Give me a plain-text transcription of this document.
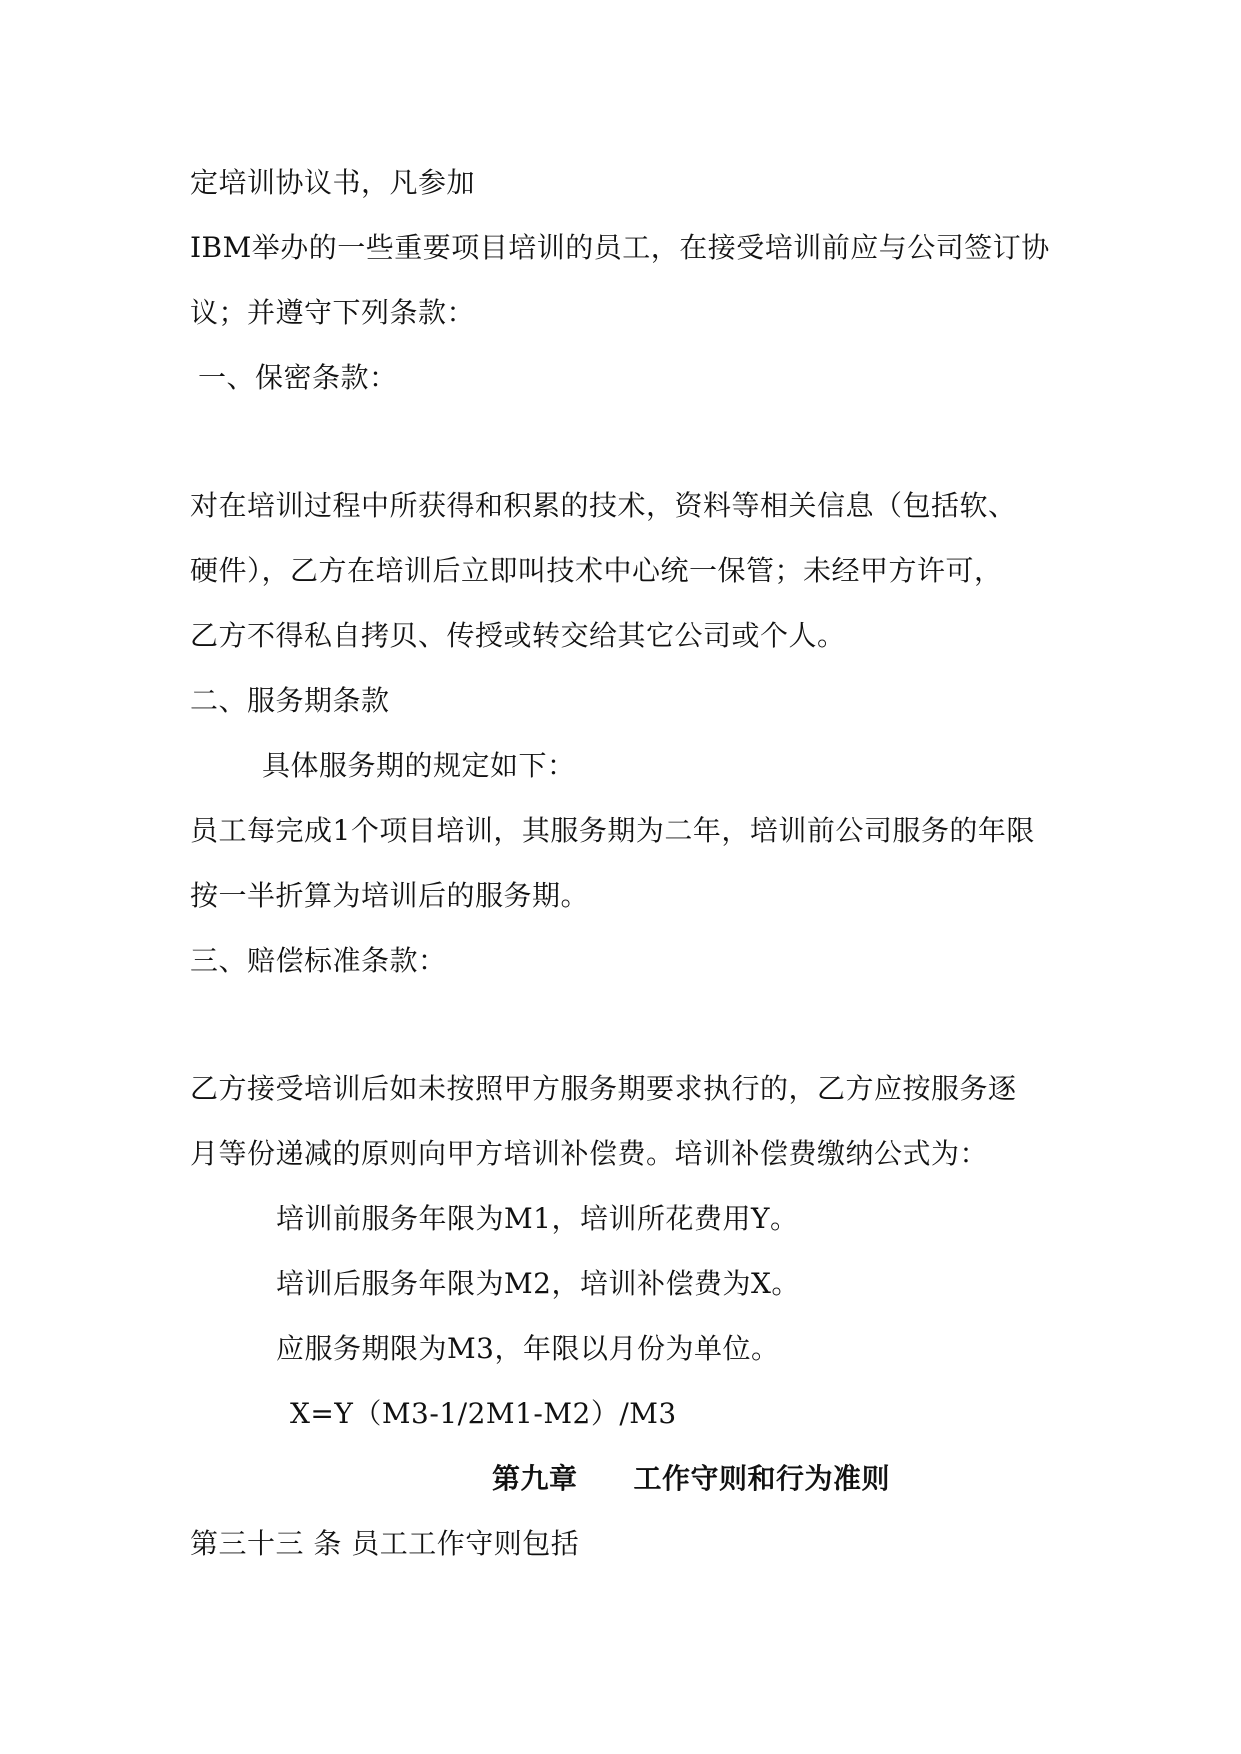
定培训协议书，凡参加
IBM举办的一些重要项目培训的员工，在接受培训前应与公司签订协
议；并遵守下列条款：
一、保密条款：
对在培训过程中所获得和积累的技术，资料等相关信息（包括软、
硬件），乙方在培训后立即叫技术中心统一保管；未经甲方许可，
乙方不得私自拷贝、传授或转交给其它公司或个人。
二、服务期条款
具体服务期的规定如下：
员工每完成1个项目培训，其服务期为二年，培训前公司服务的年限
按一半折算为培训后的服务期。
三、赔偿标准条款：
乙方接受培训后如未按照甲方服务期要求执行的，乙方应按服务逐
月等份递减的原则向甲方培训补偿费。培训补偿费缴纳公式为：
培训前服务年限为M1，培训所花费用Y。
培训后服务年限为M2，培训补偿费为X。
应服务期限为M3，年限以月份为单位。
X=Y（M3-1/2M1-M2）/M3
第九章 工作守则和行为准则
第三十三 条 员工工作守则包括
